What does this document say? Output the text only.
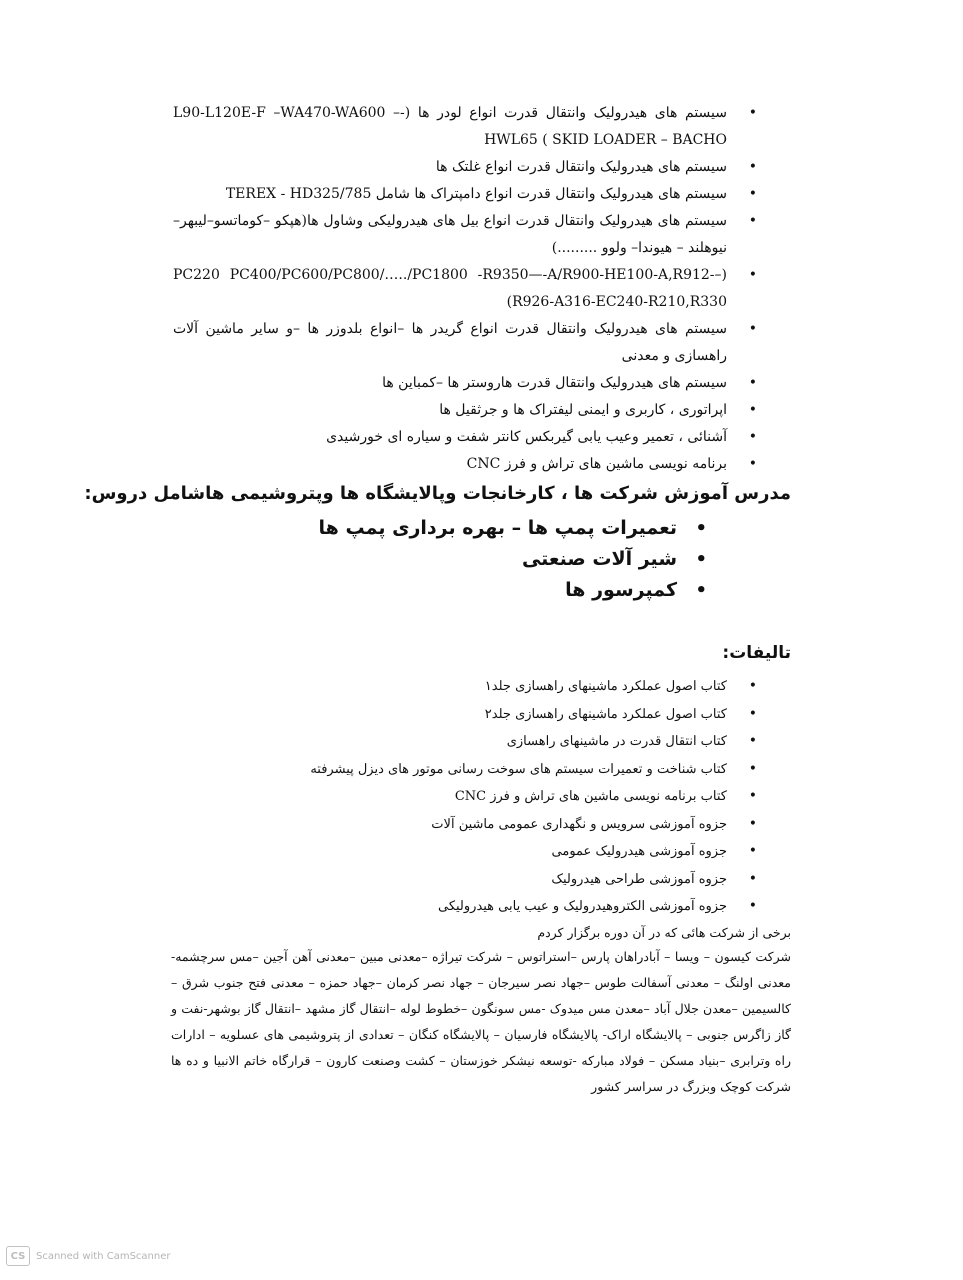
•
سیستم های هیدرولیک وانتقال قدرت انواع لودر ها (-L90-L120E-F –WA470-WA600 – HWL65 ( SKID LOADER – BACHO
•
سیستم های هیدرولیک وانتقال قدرت انواع غلتک ها
•
سیستم های هیدرولیک وانتقال قدرت انواع دامپتراک ها شامل TEREX - HD325/785
•
سیستم های هیدرولیک وانتقال قدرت انواع بیل های هیدرولیکی وشاول ها(هپکو –کوماتسو–لیبهر–نیوهلند – هیوندا– ولوو .........)
•
(–PC220 PC400/PC600/PC800/…../PC1800 -R9350—-A/R900-HE100-A,R912- (R926-A316-EC240-R210,R330
•
سیستم های هیدرولیک وانتقال قدرت انواع گریدر ها –انواع بلدوزر ها –و سایر ماشین آلات راهسازی و معدنی
•
سیستم های هیدرولیک وانتقال قدرت هاروستر ها –کمباین ها
•
اپراتوری ، کاربری و ایمنی لیفتراک ها و جرثقیل ها
•
آشنائی ، تعمیر وعیب یابی گیربکس کانتر شفت و سیاره ای خورشیدی
•
برنامه نویسی ماشین های تراش و فرز CNC
مدرس آموزش شرکت ها ، کارخانجات وپالایشگاه ها وپتروشیمی هاشامل دروس:
•
تعمیرات پمپ ها – بهره برداری پمپ ها
•
شیر آلات صنعتی
•
کمپرسور ها
تالیفات:
•
کتاب اصول عملکرد ماشینهای راهسازی جلد۱
•
کتاب اصول عملکرد ماشینهای راهسازی جلد۲
•
کتاب انتقال قدرت در ماشینهای راهسازی
•
کتاب شناخت و تعمیرات سیستم های سوخت رسانی موتور های دیزل پیشرفته
•
کتاب برنامه نویسی ماشین های تراش و فرز CNC
•
جزوه آموزشی سرویس و نگهداری عمومی ماشین آلات
•
جزوه آموزشی هیدرولیک عمومی
•
جزوه آموزشی طراحی هیدرولیک
•
جزوه آموزشی الکتروهیدرولیک و عیب یابی هیدرولیکی
برخی از شرکت هائی که در آن دوره برگزار کردم
شرکت کیسون – ویسا – آبادراهان پارس –استراتوس – شرکت تیراژه –معدنی مبین –معدنی آهن آجین –مس سرچشمه- معدنی اولنگ – معدنی آسفالت طوس –جهاد نصر سیرجان – جهاد نصر کرمان –جهاد حمزه – معدنی فتح جنوب شرق – کالسیمین –معدن جلال آباد –معدن مس میدوک -مس سونگون –خطوط لوله –انتقال گاز مشهد –انتقال گاز بوشهر-نفت و گاز زاگرس جنوبی – پالایشگاه اراک- پالایشگاه فارسیان – پالایشگاه کنگان – تعدادی از پتروشیمی های عسلویه – ادارات راه وترابری –بنیاد مسکن – فولاد مبارکه -توسعه نیشکر خوزستان – کشت وصنعت کارون – قرارگاه خاتم الانبیا و ده ها شرکت کوچک وبزرگ در سراسر کشور
CS	Scanned with CamScanner
